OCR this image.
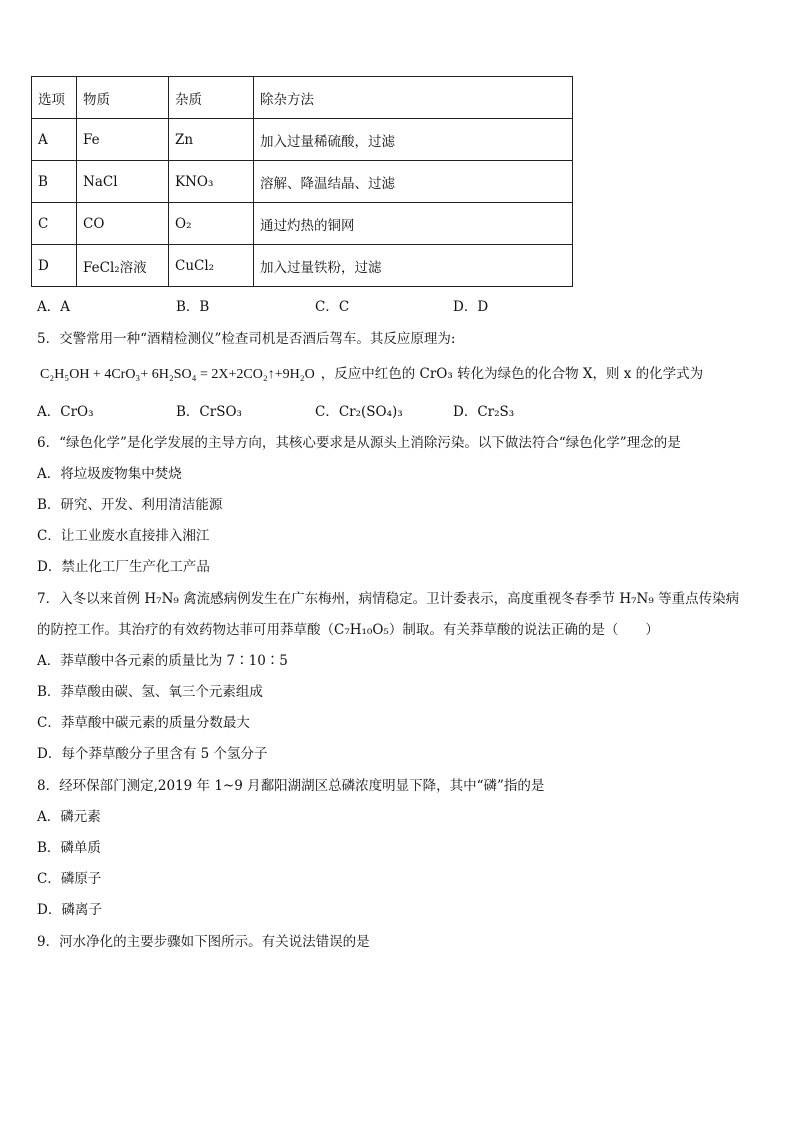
选项	物质	杂质	除杂方法
A	Fe	Zn	加入过量稀硫酸，过滤
B	NaCl	KNO₃	溶解、降温结晶、过滤
C	CO	O₂	通过灼热的铜网
D	FeCl₂溶液	CuCl₂	加入过量铁粉，过滤
A．A	B．B	C．C	D．D
5．交警常用一种“酒精检测仪”检查司机是否酒后驾车。其反应原理为:
C₂H₅OH + 4CrO₃+ 6H₂SO₄ = 2X+2CO₂↑+9H₂O ，反应中红色的 CrO₃ 转化为绿色的化合物 X，则 x 的化学式为
A．CrO₃	B．CrSO₃	C．Cr₂(SO₄)₃	D．Cr₂S₃
6．“绿色化学”是化学发展的主导方向，其核心要求是从源头上消除污染。以下做法符合“绿色化学”理念的是
A．将垃圾废物集中焚烧
B．研究、开发、利用清洁能源
C．让工业废水直接排入湘江
D．禁止化工厂生产化工产品
7．入冬以来首例 H₇N₉ 禽流感病例发生在广东梅州，病情稳定。卫计委表示，高度重视冬春季节 H₇N₉ 等重点传染病
的防控工作。其治疗的有效药物达菲可用莽草酸（C₇H₁₀O₅）制取。有关莽草酸的说法正确的是（　　）
A．莽草酸中各元素的质量比为 7∶10∶5
B．莽草酸由碳、氢、氧三个元素组成
C．莽草酸中碳元素的质量分数最大
D．每个莽草酸分子里含有 5 个氢分子
8．经环保部门测定,2019 年 1~9 月鄱阳湖湖区总磷浓度明显下降，其中“磷”指的是
A．磷元素
B．磷单质
C．磷原子
D．磷离子
9．河水净化的主要步骤如下图所示。有关说法错误的是
